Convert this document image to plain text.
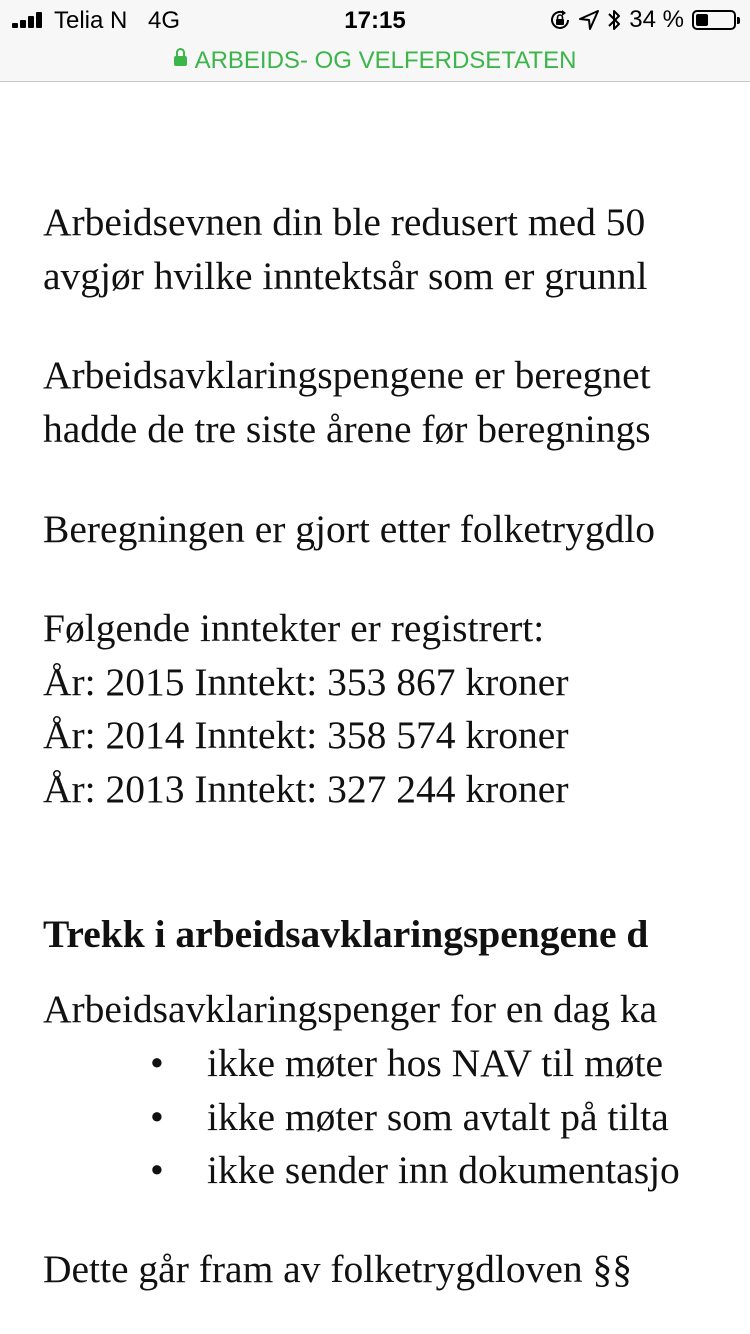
Telia N 4G	17:15	34 %
ARBEIDS- OG VELFERDSETATEN
Arbeidsevnen din ble redusert med 50
avgjør hvilke inntektsår som er grunnl
Arbeidsavklaringspengene er beregnet
hadde de tre siste årene før beregnings
Beregningen er gjort etter folketrygdlo
Følgende inntekter er registrert:
År: 2015 Inntekt: 353 867 kroner
År: 2014 Inntekt: 358 574 kroner
År: 2013 Inntekt: 327 244 kroner
Trekk i arbeidsavklaringspengene d
Arbeidsavklaringspenger for en dag ka
• ikke møter hos NAV til møte
• ikke møter som avtalt på tilta
• ikke sender inn dokumentasjo
Dette går fram av folketrygdloven §§
